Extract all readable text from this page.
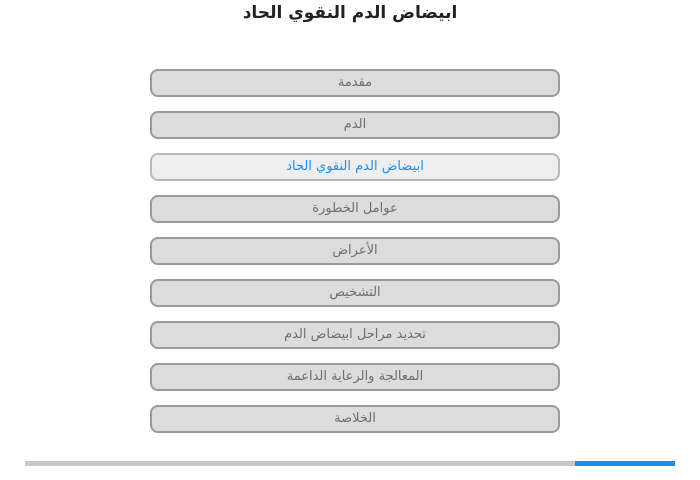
ابيضاض الدم النقوي الحاد
مقدمة
الدم
ابيضاض الدم النقوي الحاد
عوامل الخطورة
الأعراض
التشخيص
تحديد مراحل ابيضاض الدم
المعالجة والرعاية الداعمة
الخلاصة
